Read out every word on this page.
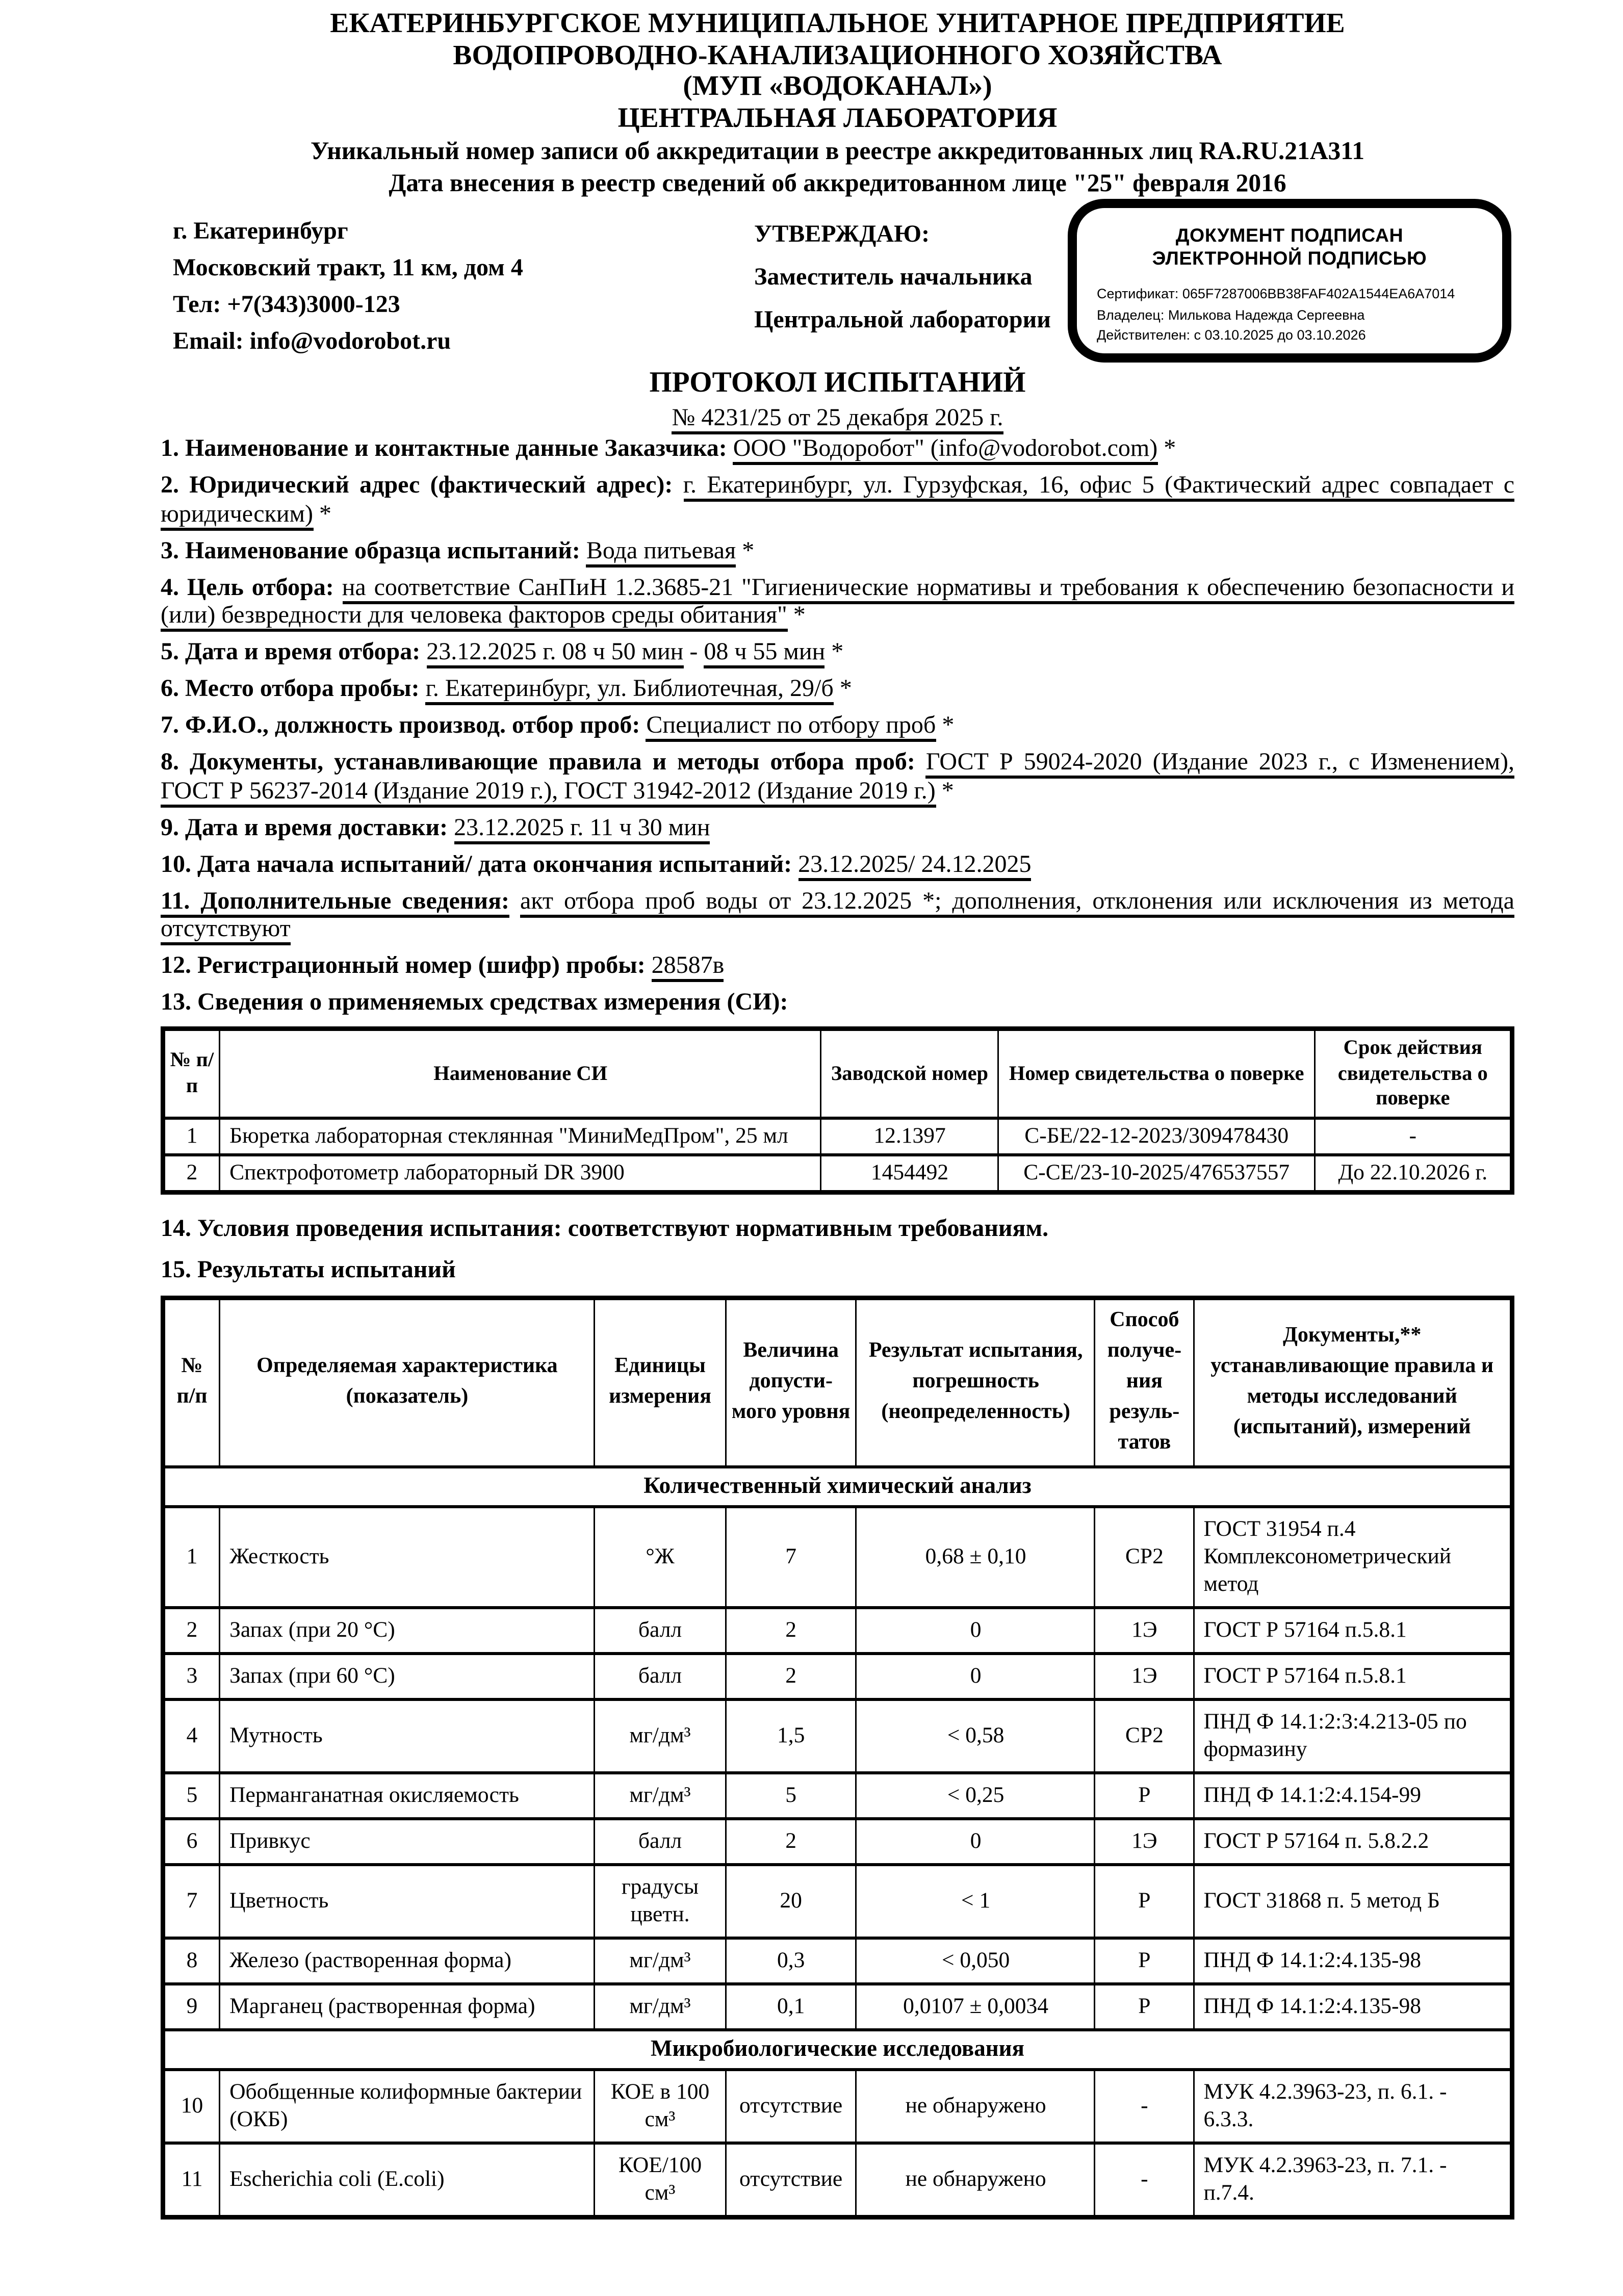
ЕКАТЕРИНБУРГСКОЕ МУНИЦИПАЛЬНОЕ УНИТАРНОЕ ПРЕДПРИЯТИЕ
ВОДОПРОВОДНО-КАНАЛИЗАЦИОННОГО ХОЗЯЙСТВА
(МУП «ВОДОКАНАЛ»)
ЦЕНТРАЛЬНАЯ ЛАБОРАТОРИЯ
Уникальный номер записи об аккредитации в реестре аккредитованных лиц RA.RU.21A311
Дата внесения в реестр сведений об аккредитованном лице "25" февраля 2016
г. Екатеринбург
Московский тракт, 11 км, дом 4
Тел: +7(343)3000-123
Email: info@vodorobot.ru
УТВЕРЖДАЮ:
Заместитель начальника
Центральной лаборатории
ДОКУМЕНТ ПОДПИСАН
ЭЛЕКТРОННОЙ ПОДПИСЬЮ
Сертификат: 065F7287006BB38FAF402A1544EA6A7014
Владелец: Милькова Надежда Сергеевна
Действителен: с 03.10.2025 до 03.10.2026
ПРОТОКОЛ ИСПЫТАНИЙ
№ 4231/25 от 25 декабря 2025 г.
1. Наименование и контактные данные Заказчика: ООО "Водоробот" (info@vodorobot.com) *
2. Юридический адрес (фактический адрес): г. Екатеринбург, ул. Гурзуфская, 16, офис 5 (Фактический адрес совпадает с юридическим) *
3. Наименование образца испытаний: Вода питьевая *
4. Цель отбора: на соответствие СанПиН 1.2.3685-21 "Гигиенические нормативы и требования к обеспечению безопасности и (или) безвредности для человека факторов среды обитания" *
5. Дата и время отбора: 23.12.2025 г. 08 ч 50 мин - 08 ч 55 мин *
6. Место отбора пробы: г. Екатеринбург, ул. Библиотечная, 29/б *
7. Ф.И.О., должность производ. отбор проб: Специалист по отбору проб *
8. Документы, устанавливающие правила и методы отбора проб: ГОСТ Р 59024-2020 (Издание 2023 г., с Изменением), ГОСТ Р 56237-2014 (Издание 2019 г.), ГОСТ 31942-2012 (Издание 2019 г.) *
9. Дата и время доставки: 23.12.2025 г. 11 ч 30 мин
10. Дата начала испытаний/ дата окончания испытаний: 23.12.2025/ 24.12.2025
11. Дополнительные сведения: акт отбора проб воды от 23.12.2025 *; дополнения, отклонения или исключения из метода отсутствуют
12. Регистрационный номер (шифр) пробы: 28587в
13. Сведения о применяемых средствах измерения (СИ):
№ п/п	Наименование СИ	Заводской номер	Номер свидетельства о поверке	Срок действия свидетельства о поверке
1	Бюретка лабораторная стеклянная "МиниМедПром", 25 мл	12.1397	С-БЕ/22-12-2023/309478430	-
2	Спектрофотометр лабораторный DR 3900	1454492	С-СЕ/23-10-2025/476537557	До 22.10.2026 г.
14. Условия проведения испытания: соответствуют нормативным требованиям.
15. Результаты испытаний
№ п/п	Определяемая характеристика (показатель)	Единицы измерения	Величина допусти-мого уровня	Результат испытания, погрешность (неопределенность)	Способ получе-ния резуль-татов	Документы,** устанавливающие правила и методы исследований (испытаний), измерений
Количественный химический анализ						
1	Жесткость	°Ж	7	0,68 ± 0,10	СР2	ГОСТ 31954 п.4 Комплексонометрический метод
2	Запах (при 20 °С)	балл	2	0	1Э	ГОСТ Р 57164 п.5.8.1
3	Запах (при 60 °С)	балл	2	0	1Э	ГОСТ Р 57164 п.5.8.1
4	Мутность	мг/дм³	1,5	< 0,58	СР2	ПНД Ф 14.1:2:3:4.213-05 по формазину
5	Перманганатная окисляемость	мг/дм³	5	< 0,25	Р	ПНД Ф 14.1:2:4.154-99
6	Привкус	балл	2	0	1Э	ГОСТ Р 57164 п. 5.8.2.2
7	Цветность	градусы цветн.	20	< 1	Р	ГОСТ 31868 п. 5 метод Б
8	Железо (растворенная форма)	мг/дм³	0,3	< 0,050	Р	ПНД Ф 14.1:2:4.135-98
9	Марганец (растворенная форма)	мг/дм³	0,1	0,0107 ± 0,0034	Р	ПНД Ф 14.1:2:4.135-98
Микробиологические исследования						
10	Обобщенные колиформные бактерии (ОКБ)	КОЕ в 100 см³	отсутствие	не обнаружено	-	МУК 4.2.3963-23, п. 6.1. - 6.3.3.
11	Escherichia coli (E.coli)	КОЕ/100 см³	отсутствие	не обнаружено	-	МУК 4.2.3963-23, п. 7.1. - п.7.4.
